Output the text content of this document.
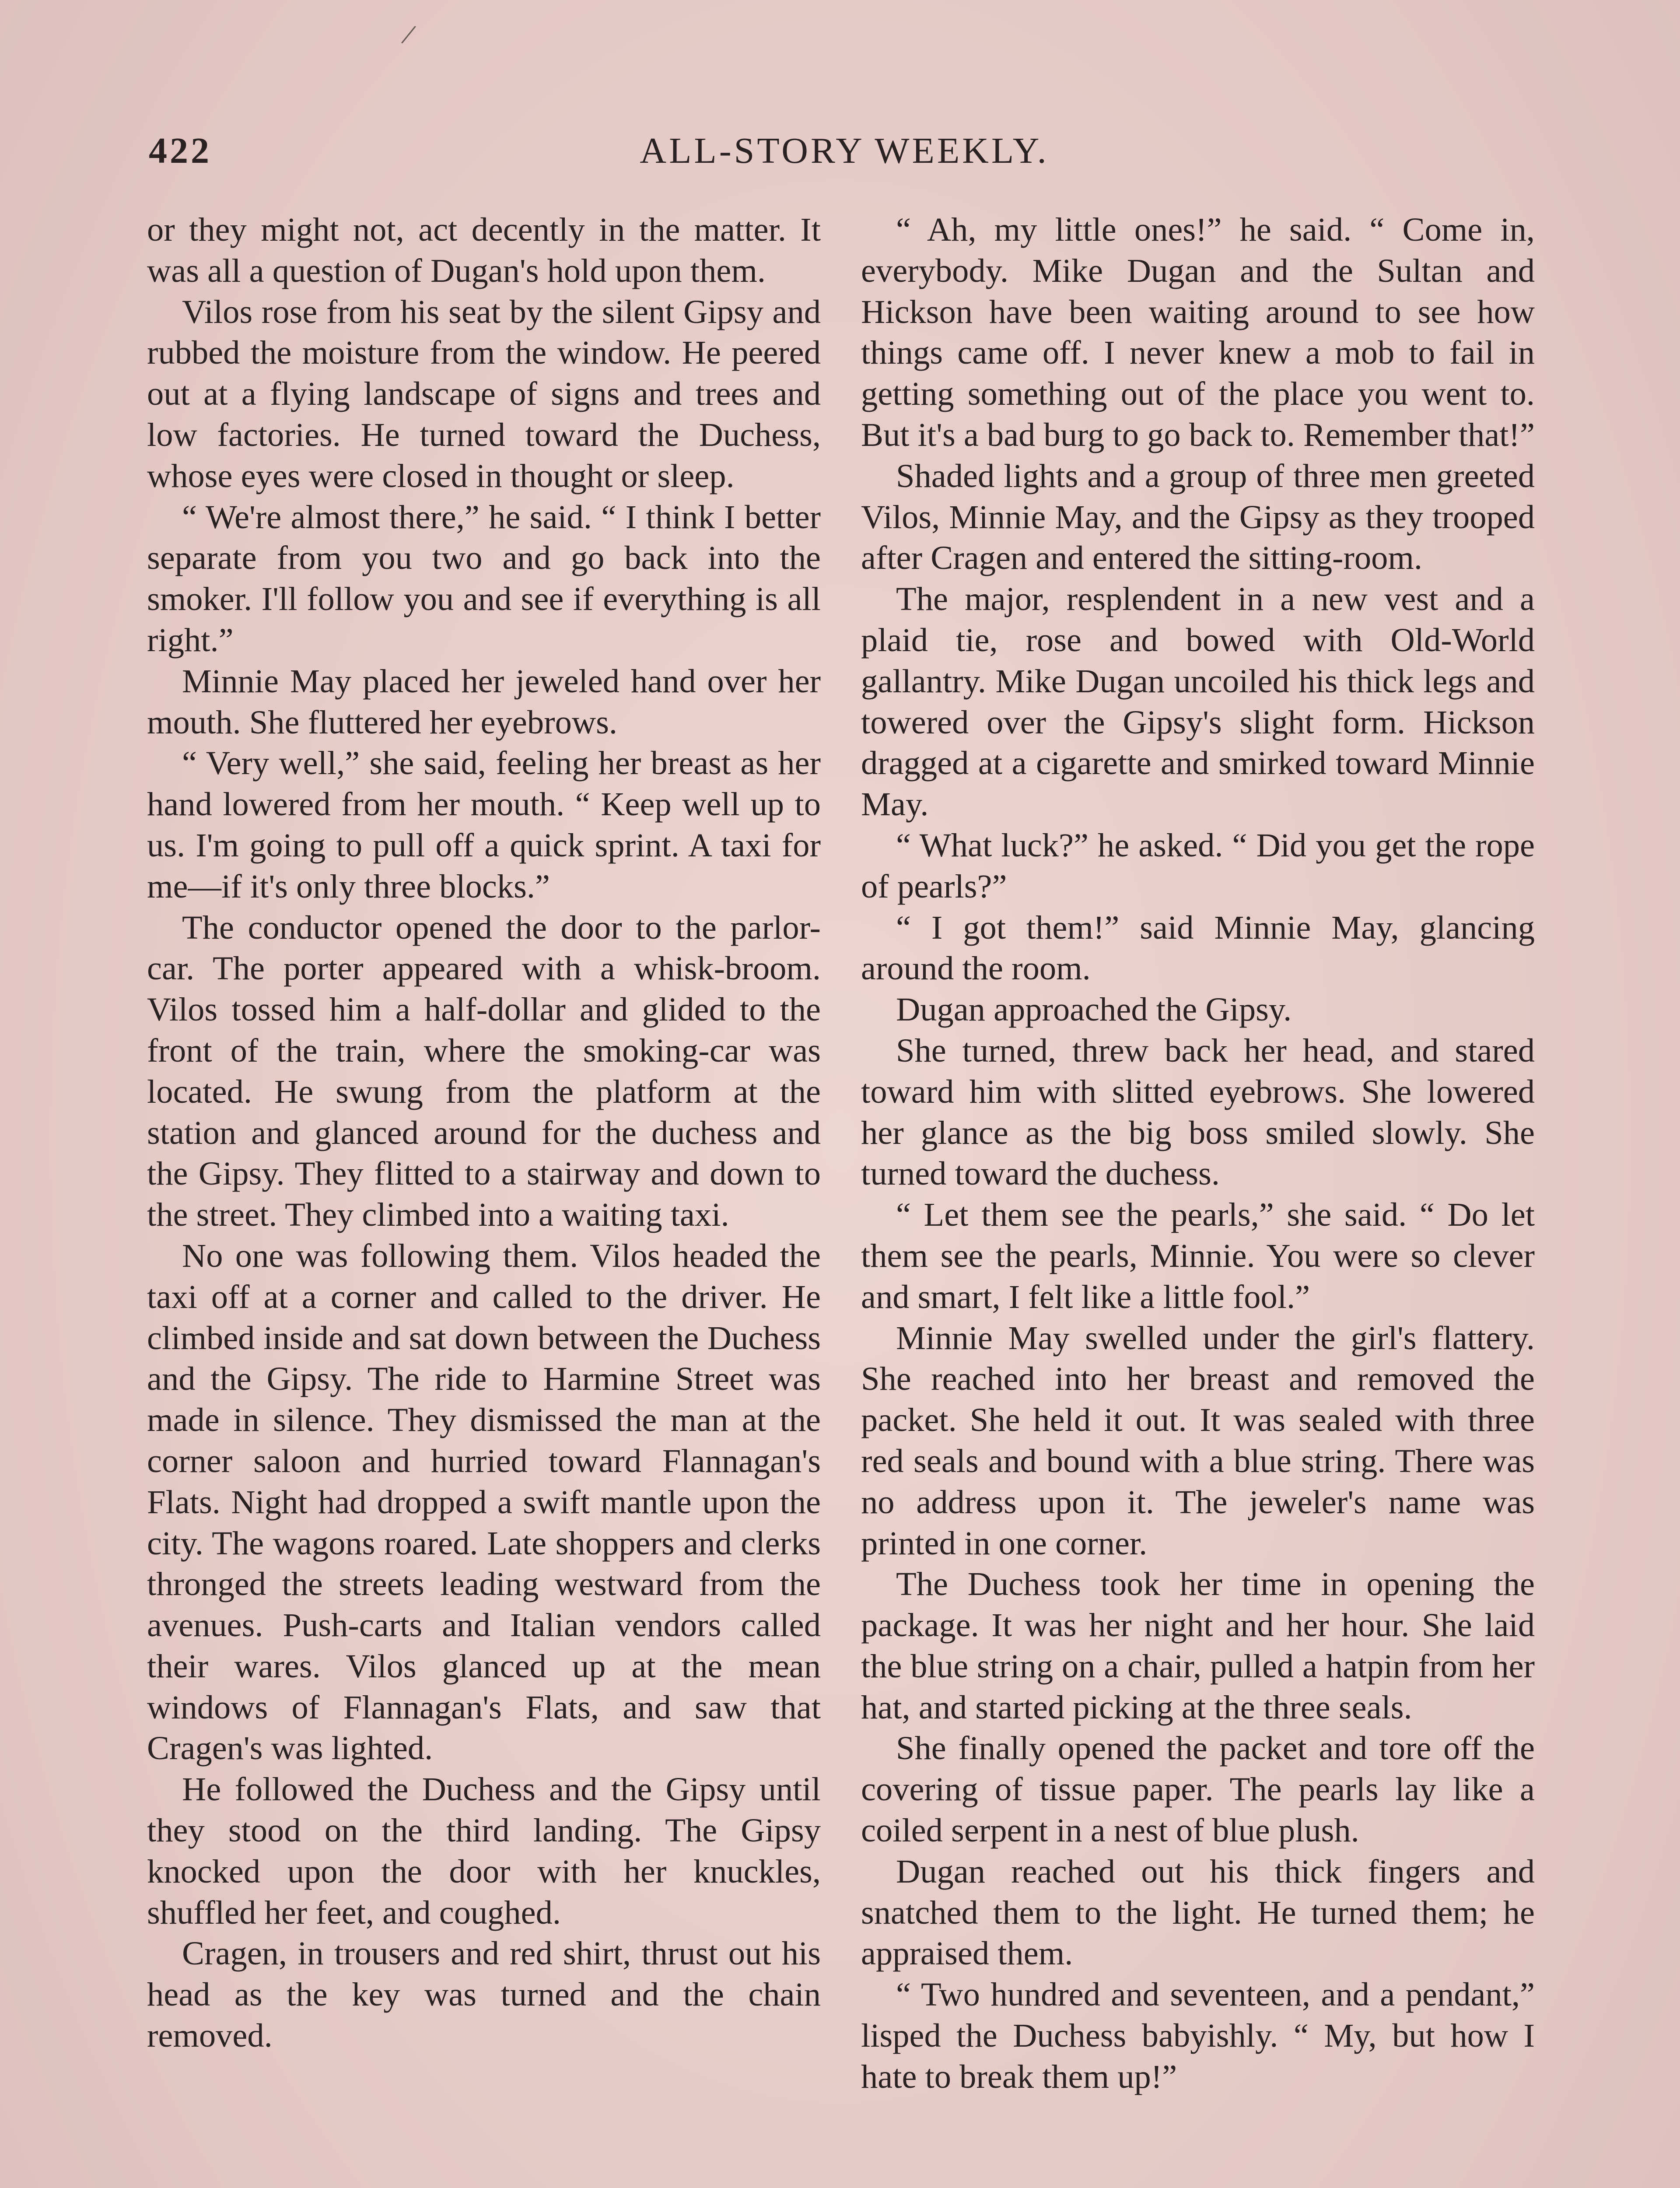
/
422	ALL-STORY WEEKLY.

or they might not, act decently in the matter. It was all a question of Dugan's hold upon them.

Vilos rose from his seat by the silent Gipsy and rubbed the moisture from the window. He peered out at a flying landscape of signs and trees and low factories. He turned toward the Duchess, whose eyes were closed in thought or sleep.

“ We're almost there,” he said. “ I think I better separate from you two and go back into the smoker. I'll follow you and see if everything is all right.”

Minnie May placed her jeweled hand over her mouth. She fluttered her eyebrows.

“ Very well,” she said, feeling her breast as her hand lowered from her mouth. “ Keep well up to us. I'm going to pull off a quick sprint. A taxi for me—if it's only three blocks.”

The conductor opened the door to the parlor-car. The porter appeared with a whisk-broom. Vilos tossed him a half-dollar and glided to the front of the train, where the smoking-car was located. He swung from the platform at the station and glanced around for the duchess and the Gipsy. They flitted to a stairway and down to the street. They climbed into a waiting taxi.

No one was following them. Vilos headed the taxi off at a corner and called to the driver. He climbed inside and sat down between the Duchess and the Gipsy. The ride to Harmine Street was made in silence. They dismissed the man at the corner saloon and hurried toward Flannagan's Flats. Night had dropped a swift mantle upon the city. The wagons roared. Late shoppers and clerks thronged the streets leading westward from the avenues. Push-carts and Italian vendors called their wares. Vilos glanced up at the mean windows of Flannagan's Flats, and saw that Cragen's was lighted.

He followed the Duchess and the Gipsy until they stood on the third landing. The Gipsy knocked upon the door with her knuckles, shuffled her feet, and coughed.

Cragen, in trousers and red shirt, thrust out his head as the key was turned and the chain removed.

“ Ah, my little ones!” he said. “ Come in, everybody. Mike Dugan and the Sultan and Hickson have been waiting around to see how things came off. I never knew a mob to fail in getting something out of the place you went to. But it's a bad burg to go back to. Remember that!”

Shaded lights and a group of three men greeted Vilos, Minnie May, and the Gipsy as they trooped after Cragen and entered the sitting-room.

The major, resplendent in a new vest and a plaid tie, rose and bowed with Old-World gallantry. Mike Dugan uncoiled his thick legs and towered over the Gipsy's slight form. Hickson dragged at a cigarette and smirked toward Minnie May.

“ What luck?” he asked. “ Did you get the rope of pearls?”

“ I got them!” said Minnie May, glancing around the room.

Dugan approached the Gipsy.

She turned, threw back her head, and stared toward him with slitted eyebrows. She lowered her glance as the big boss smiled slowly. She turned toward the duchess.

“ Let them see the pearls,” she said. “ Do let them see the pearls, Minnie. You were so clever and smart, I felt like a little fool.”

Minnie May swelled under the girl's flattery. She reached into her breast and removed the packet. She held it out. It was sealed with three red seals and bound with a blue string. There was no address upon it. The jeweler's name was printed in one corner.

The Duchess took her time in opening the package. It was her night and her hour. She laid the blue string on a chair, pulled a hatpin from her hat, and started picking at the three seals.

She finally opened the packet and tore off the covering of tissue paper. The pearls lay like a coiled serpent in a nest of blue plush.

Dugan reached out his thick fingers and snatched them to the light. He turned them; he appraised them.

“ Two hundred and seventeen, and a pendant,” lisped the Duchess babyishly. “ My, but how I hate to break them up!”
